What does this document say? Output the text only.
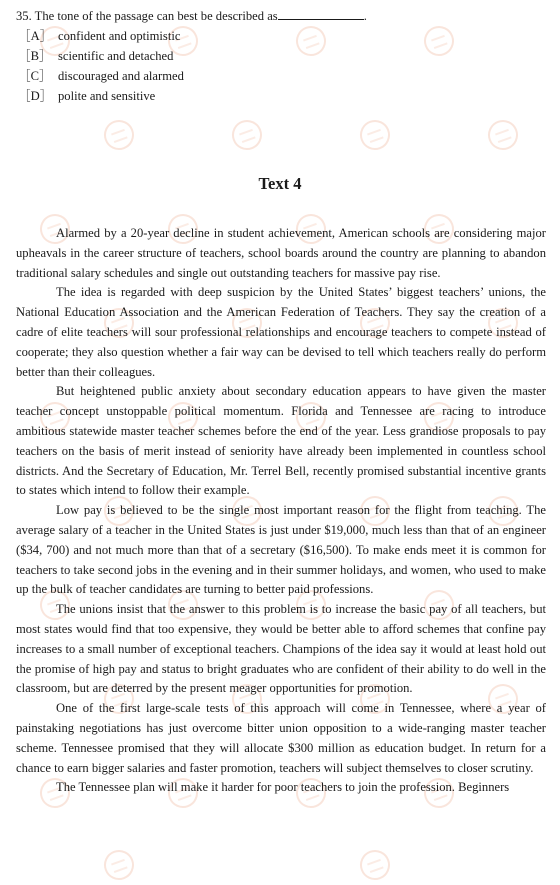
35. The tone of the passage can best be described as	.
［A］ confident and optimistic
［B］ scientific and detached
［C］ discouraged and alarmed
［D］ polite and sensitive
Text 4

Alarmed by a 20-year decline in student achievement, American schools are considering major upheavals in the career structure of teachers, school boards around the country are planning to abandon traditional salary schedules and single out outstanding teachers for massive pay rise.

The idea is regarded with deep suspicion by the United States’ biggest teachers’ unions, the National Education Association and the American Federation of Teachers. They say the creation of a cadre of elite teachers will sour professional relationships and encourage teachers to compete instead of cooperate; they also question whether a fair way can be devised to tell which teachers really do perform better than their colleagues.

But heightened public anxiety about secondary education appears to have given the master teacher concept unstoppable political momentum. Florida and Tennessee are racing to introduce ambitious statewide master teacher schemes before the end of the year. Less grandiose proposals to pay teachers on the basis of merit instead of seniority have already been implemented in countless school districts. And the Secretary of Education, Mr. Terrel Bell, recently promised substantial incentive grants to states which intend to follow their example.

Low pay is believed to be the single most important reason for the flight from teaching. The average salary of a teacher in the United States is just under $19,000, much less than that of an engineer ($34, 700) and not much more than that of a secretary ($16,500). To make ends meet it is common for teachers to take second jobs in the evening and in their summer holidays, and women, who used to make up the bulk of teacher candidates are turning to better paid professions.

The unions insist that the answer to this problem is to increase the basic pay of all teachers, but most states would find that too expensive, they would be better able to afford schemes that confine pay increases to a small number of exceptional teachers. Champions of the idea say it would at least hold out the promise of high pay and status to bright graduates who are confident of their ability to do well in the classroom, but are deterred by the present meager opportunities for promotion.

One of the first large-scale tests of this approach will come in Tennessee, where a year of painstaking negotiations has just overcome bitter union opposition to a wide-ranging master teacher scheme. Tennessee promised that they will allocate $300 million as education budget. In return for a chance to earn bigger salaries and faster promotion, teachers will subject themselves to closer scrutiny.

The Tennessee plan will make it harder for poor teachers to join the profession. Beginners
